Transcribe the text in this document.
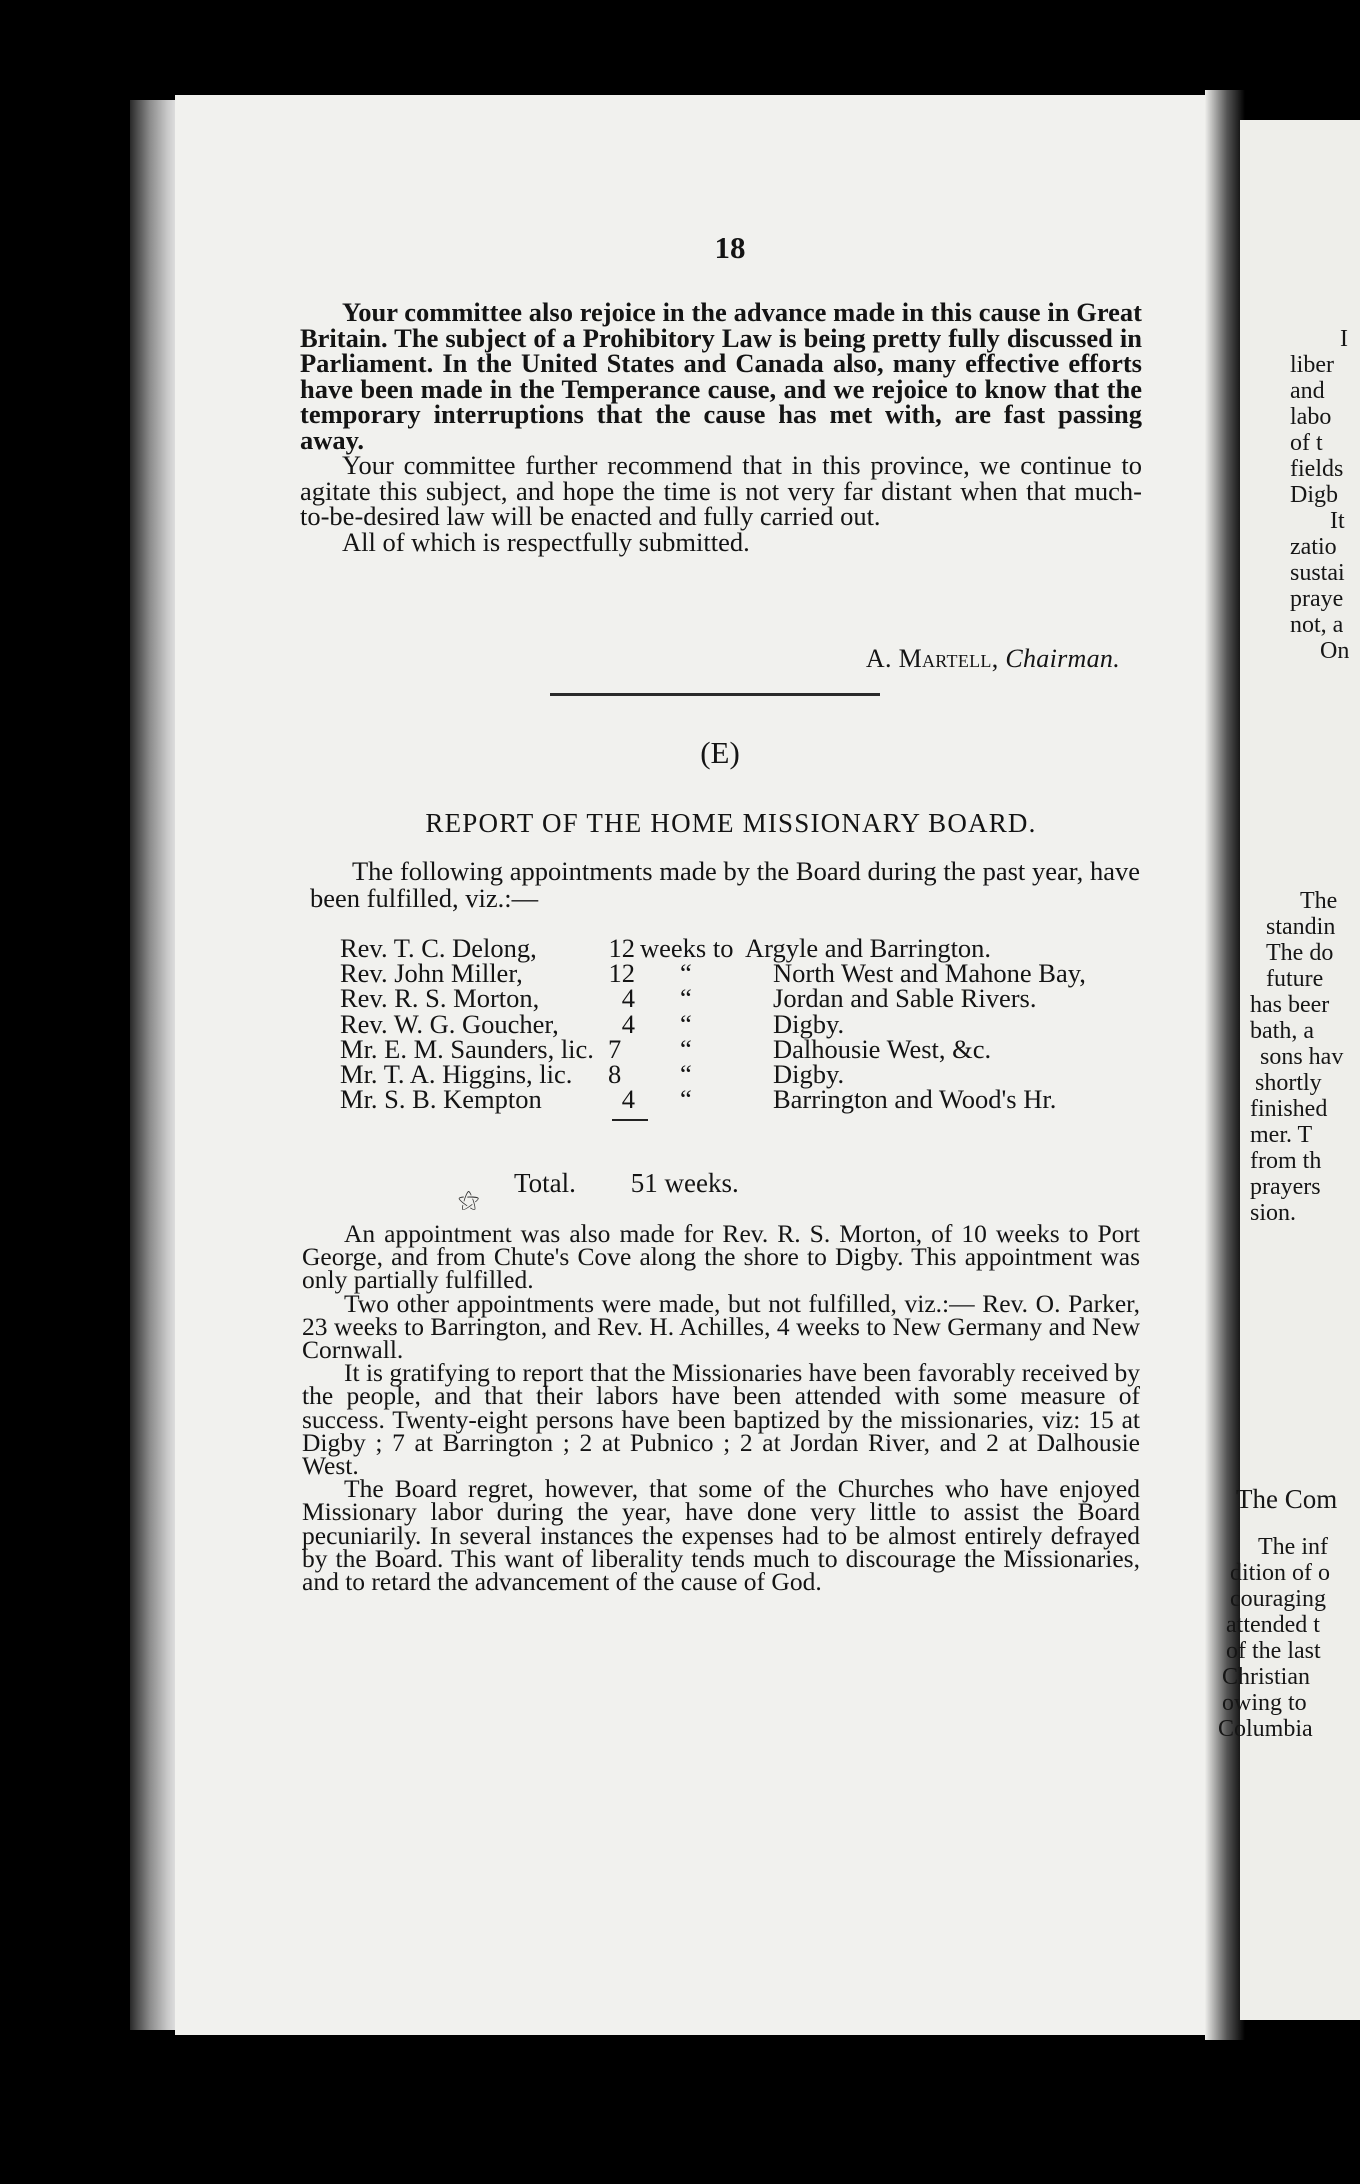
18

Your committee also rejoice in the advance made in this cause in Great Britain. The subject of a Prohibitory Law is being pretty fully discussed in Parliament. In the United States and Canada also, many effective efforts have been made in the Temperance cause, and we rejoice to know that the temporary interruptions that the cause has met with, are fast passing away.

Your committee further recommend that in this province, we continue to agitate this subject, and hope the time is not very far distant when that much-to-be-desired law will be enacted and fully carried out.

All of which is respectfully submitted.

A. Martell, Chairman.
(E)
REPORT OF THE HOME MISSIONARY BOARD.

The following appointments made by the Board during the past year, have been fulfilled, viz.:—

Rev. T. C. Delong,	12 weeks to Argyle and Barrington.
Rev. John Miller,	12 “	North West and Mahone Bay,
Rev. R. S. Morton,	4 “	Jordan and Sable Rivers.
Rev. W. G. Goucher,	4 “	Digby.
Mr. E. M. Saunders, lic. 7	“	Dalhousie West, &c.
Mr. T. A. Higgins, lic. 8	“	Digby.
Mr. S. B. Kempton	4 “	Barrington and Wood's Hr.
Total. 51 weeks.
⚝

An appointment was also made for Rev. R. S. Morton, of 10 weeks to Port George, and from Chute's Cove along the shore to Digby. This appointment was only partially fulfilled.

Two other appointments were made, but not fulfilled, viz.:— Rev. O. Parker, 23 weeks to Barrington, and Rev. H. Achilles, 4 weeks to New Germany and New Cornwall.

It is gratifying to report that the Missionaries have been favorably received by the people, and that their labors have been attended with some measure of success. Twenty-eight persons have been baptized by the missionaries, viz: 15 at Digby ; 7 at Barrington ; 2 at Pubnico ; 2 at Jordan River, and 2 at Dalhousie West.

The Board regret, however, that some of the Churches who have enjoyed Missionary labor during the year, have done very little to assist the Board pecuniarily. In several instances the expenses had to be almost entirely defrayed by the Board. This want of liberality tends much to discourage the Missionaries, and to retard the advancement of the cause of God.

I
liber
and
labo
of t
fields
Digb
It
zatio
sustai
praye
not, a
On
The
standin
The do
future
has beer
bath, a
sons hav
shortly
finished
mer. T
from th
prayers
sion.
The Com
The inf
dition of o
couraging
attended t
of the last
Christian
owing to
Columbia
